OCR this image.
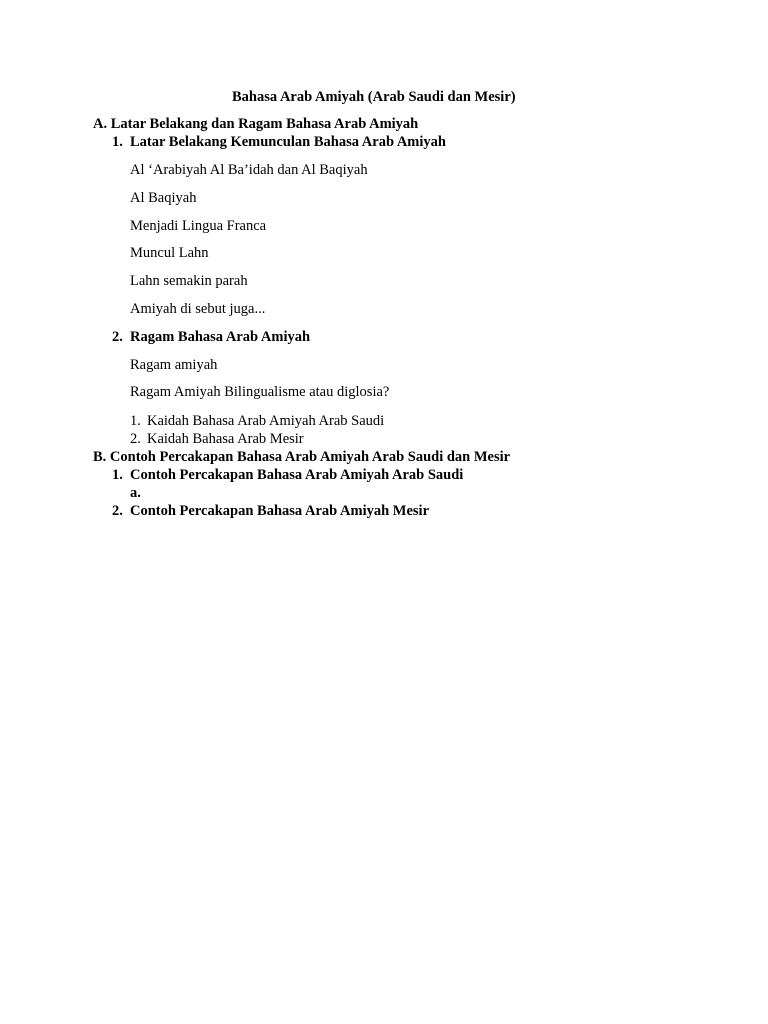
Bahasa Arab Amiyah (Arab Saudi dan Mesir)
A. Latar Belakang dan Ragam Bahasa Arab Amiyah
1. Latar Belakang Kemunculan Bahasa Arab Amiyah
Al ‘Arabiyah Al Ba’idah dan Al Baqiyah
Al Baqiyah
Menjadi Lingua Franca
Muncul Lahn
Lahn semakin parah
Amiyah di sebut juga...
2. Ragam Bahasa Arab Amiyah
Ragam amiyah
Ragam Amiyah Bilingualisme atau diglosia?
1. Kaidah Bahasa Arab Amiyah Arab Saudi
2. Kaidah Bahasa Arab Mesir
B. Contoh Percakapan Bahasa Arab Amiyah Arab Saudi dan Mesir
1. Contoh Percakapan Bahasa Arab Amiyah Arab Saudi
a.
2. Contoh Percakapan Bahasa Arab Amiyah Mesir
